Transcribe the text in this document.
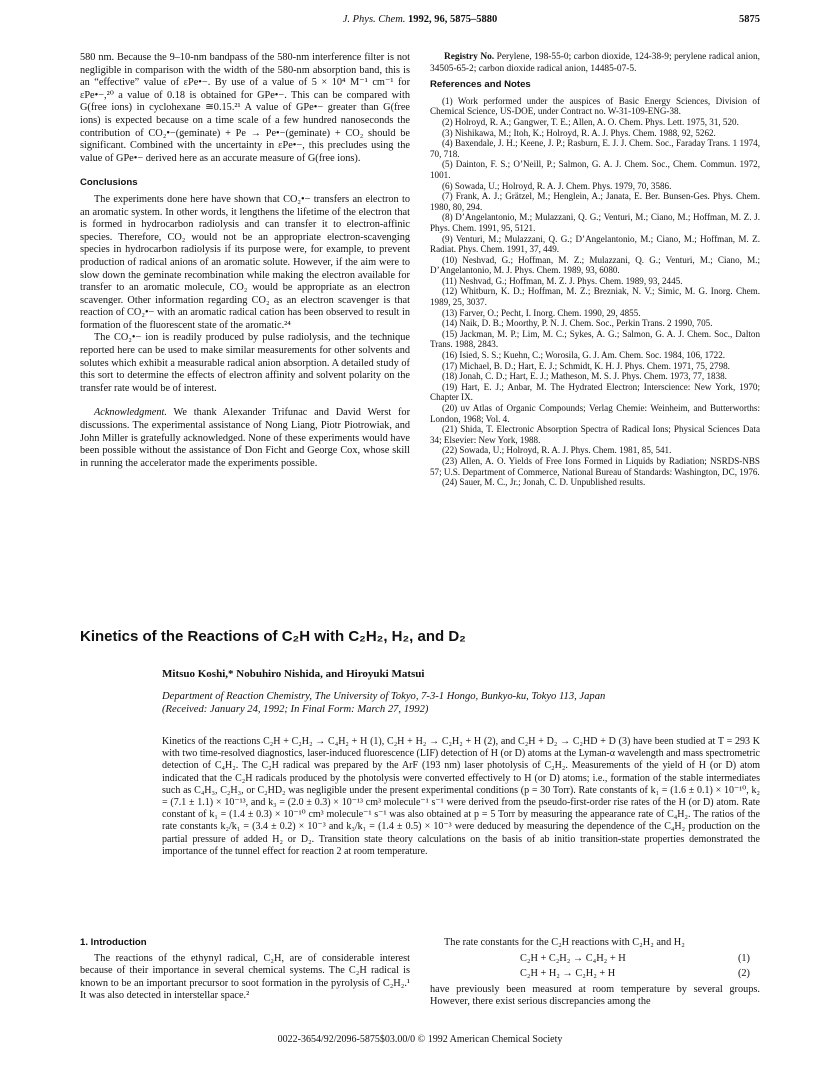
J. Phys. Chem. 1992, 96, 5875–5880	5875

580 nm. Because the 9–10-nm bandpass of the 580-nm interference filter is not negligible in comparison with the width of the 580-nm absorption band, this is an “effective” value of εPe•−. By use of a value of 5 × 10⁴ M⁻¹ cm⁻¹ for εPe•−,²⁰ a value of 0.18 is obtained for GPe•−. This can be compared with G(free ions) in cyclohexane ≅0.15.²¹ A value of GPe•− greater than G(free ions) is expected because on a time scale of a few hundred nanoseconds the contribution of CO₂•−(geminate) + Pe → Pe•−(geminate) + CO₂ should be significant. Combined with the uncertainty in εPe•−, this precludes using the value of GPe•− derived here as an accurate measure of G(free ions).

Conclusions

The experiments done here have shown that CO₂•− transfers an electron to an aromatic system. In other words, it lengthens the lifetime of the electron that is formed in hydrocarbon radiolysis and can transfer it to electron-affinic species. Therefore, CO₂ would not be an appropriate electron-scavenging species in hydrocarbon radiolysis if its purpose were, for example, to prevent production of radical anions of an aromatic solute. However, if the aim were to slow down the geminate recombination while making the electron available for transfer to an aromatic molecule, CO₂ would be appropriate as an electron scavenger. Other information regarding CO₂ as an electron scavenger is that reaction of CO₂•− with an aromatic radical cation has been observed to result in formation of the fluorescent state of the aromatic.²⁴

The CO₂•− ion is readily produced by pulse radiolysis, and the technique reported here can be used to make similar measurements for other solvents and solutes which exhibit a measurable radical anion absorption. A detailed study of this sort to determine the effects of electron affinity and solvent polarity on the transfer rate would be of interest.

Acknowledgment. We thank Alexander Trifunac and David Werst for discussions. The experimental assistance of Nong Liang, Piotr Piotrowiak, and John Miller is gratefully acknowledged. None of these experiments would have been possible without the assistance of Don Ficht and George Cox, whose skill in running the accelerator made the experiments possible.

Registry No. Perylene, 198-55-0; carbon dioxide, 124-38-9; perylene radical anion, 34505-65-2; carbon dioxide radical anion, 14485-07-5.

References and Notes

(1) Work performed under the auspices of Basic Energy Sciences, Division of Chemical Science, US-DOE, under Contract no. W-31-109-ENG-38.

(2) Holroyd, R. A.; Gangwer, T. E.; Allen, A. O. Chem. Phys. Lett. 1975, 31, 520.

(3) Nishikawa, M.; Itoh, K.; Holroyd, R. A. J. Phys. Chem. 1988, 92, 5262.

(4) Baxendale, J. H.; Keene, J. P.; Rasburn, E. J. J. Chem. Soc., Faraday Trans. 1 1974, 70, 718.

(5) Dainton, F. S.; O’Neill, P.; Salmon, G. A. J. Chem. Soc., Chem. Commun. 1972, 1001.

(6) Sowada, U.; Holroyd, R. A. J. Chem. Phys. 1979, 70, 3586.

(7) Frank, A. J.; Grätzel, M.; Henglein, A.; Janata, E. Ber. Bunsen-Ges. Phys. Chem. 1980, 80, 294.

(8) D’Angelantonio, M.; Mulazzani, Q. G.; Venturi, M.; Ciano, M.; Hoffman, M. Z. J. Phys. Chem. 1991, 95, 5121.

(9) Venturi, M.; Mulazzani, Q. G.; D’Angelantonio, M.; Ciano, M.; Hoffman, M. Z. Radiat. Phys. Chem. 1991, 37, 449.

(10) Neshvad, G.; Hoffman, M. Z.; Mulazzani, Q. G.; Venturi, M.; Ciano, M.; D’Angelantonio, M. J. Phys. Chem. 1989, 93, 6080.

(11) Neshvad, G.; Hoffman, M. Z. J. Phys. Chem. 1989, 93, 2445.

(12) Whitburn, K. D.; Hoffman, M. Z.; Brezniak, N. V.; Simic, M. G. Inorg. Chem. 1989, 25, 3037.

(13) Farver, O.; Pecht, I. Inorg. Chem. 1990, 29, 4855.

(14) Naik, D. B.; Moorthy, P. N. J. Chem. Soc., Perkin Trans. 2 1990, 705.

(15) Jackman, M. P.; Lim, M. C.; Sykes, A. G.; Salmon, G. A. J. Chem. Soc., Dalton Trans. 1988, 2843.

(16) Isied, S. S.; Kuehn, C.; Worosila, G. J. Am. Chem. Soc. 1984, 106, 1722.

(17) Michael, B. D.; Hart, E. J.; Schmidt, K. H. J. Phys. Chem. 1971, 75, 2798.

(18) Jonah, C. D.; Hart, E. J.; Matheson, M. S. J. Phys. Chem. 1973, 77, 1838.

(19) Hart, E. J.; Anbar, M. The Hydrated Electron; Interscience: New York, 1970; Chapter IX.

(20) uv Atlas of Organic Compounds; Verlag Chemie: Weinheim, and Butterworths: London, 1968; Vol. 4.

(21) Shida, T. Electronic Absorption Spectra of Radical Ions; Physical Sciences Data 34; Elsevier: New York, 1988.

(22) Sowada, U.; Holroyd, R. A. J. Phys. Chem. 1981, 85, 541.

(23) Allen, A. O. Yields of Free Ions Formed in Liquids by Radiation; NSRDS-NBS 57; U.S. Department of Commerce, National Bureau of Standards: Washington, DC, 1976.

(24) Sauer, M. C., Jr.; Jonah, C. D. Unpublished results.

Kinetics of the Reactions of C₂H with C₂H₂, H₂, and D₂
Mitsuo Koshi,* Nobuhiro Nishida, and Hiroyuki Matsui
Department of Reaction Chemistry, The University of Tokyo, 7-3-1 Hongo, Bunkyo-ku, Tokyo 113, Japan
(Received: January 24, 1992; In Final Form: March 27, 1992)
Kinetics of the reactions C₂H + C₂H₂ → C₄H₂ + H (1), C₂H + H₂ → C₂H₂ + H (2), and C₂H + D₂ → C₂HD + D (3) have been studied at T = 293 K with two time-resolved diagnostics, laser-induced fluorescence (LIF) detection of H (or D) atoms at the Lyman-α wavelength and mass spectrometric detection of C₄H₂. The C₂H radical was prepared by the ArF (193 nm) laser photolysis of C₂H₂. Measurements of the yield of H (or D) atom indicated that the C₂H radicals produced by the photolysis were converted effectively to H (or D) atoms; i.e., formation of the stable intermediates such as C₄H₃, C₂H₃, or C₂HD₂ was negligible under the present experimental conditions (p = 30 Torr). Rate constants of k₁ = (1.6 ± 0.1) × 10⁻¹⁰, k₂ = (7.1 ± 1.1) × 10⁻¹³, and k₃ = (2.0 ± 0.3) × 10⁻¹³ cm³ molecule⁻¹ s⁻¹ were derived from the pseudo-first-order rise rates of the H (or D) atom. Rate constant of k₁ = (1.4 ± 0.3) × 10⁻¹⁰ cm³ molecule⁻¹ s⁻¹ was also obtained at p = 5 Torr by measuring the appearance rate of C₄H₂. The ratios of the rate constants k₂/k₁ = (3.4 ± 0.2) × 10⁻³ and k₃/k₁ = (1.4 ± 0.5) × 10⁻³ were deduced by measuring the dependence of the C₄H₂ production on the partial pressure of added H₂ or D₂. Transition state theory calculations on the basis of ab initio transition-state properties demonstrated the importance of the tunnel effect for reaction 2 at room temperature.
1. Introduction

The reactions of the ethynyl radical, C₂H, are of considerable interest because of their importance in several chemical systems. The C₂H radical is known to be an important precursor to soot formation in the pyrolysis of C₂H₂.¹ It was also detected in interstellar space.²

The rate constants for the C₂H reactions with C₂H₂ and H₂

C₂H + C₂H₂ → C₄H₂ + H	(1)
C₂H + H₂ → C₂H₂ + H	(2)

have previously been measured at room temperature by several groups. However, there exist serious discrepancies among the

0022-3654/92/2096-5875$03.00/0 © 1992 American Chemical Society
